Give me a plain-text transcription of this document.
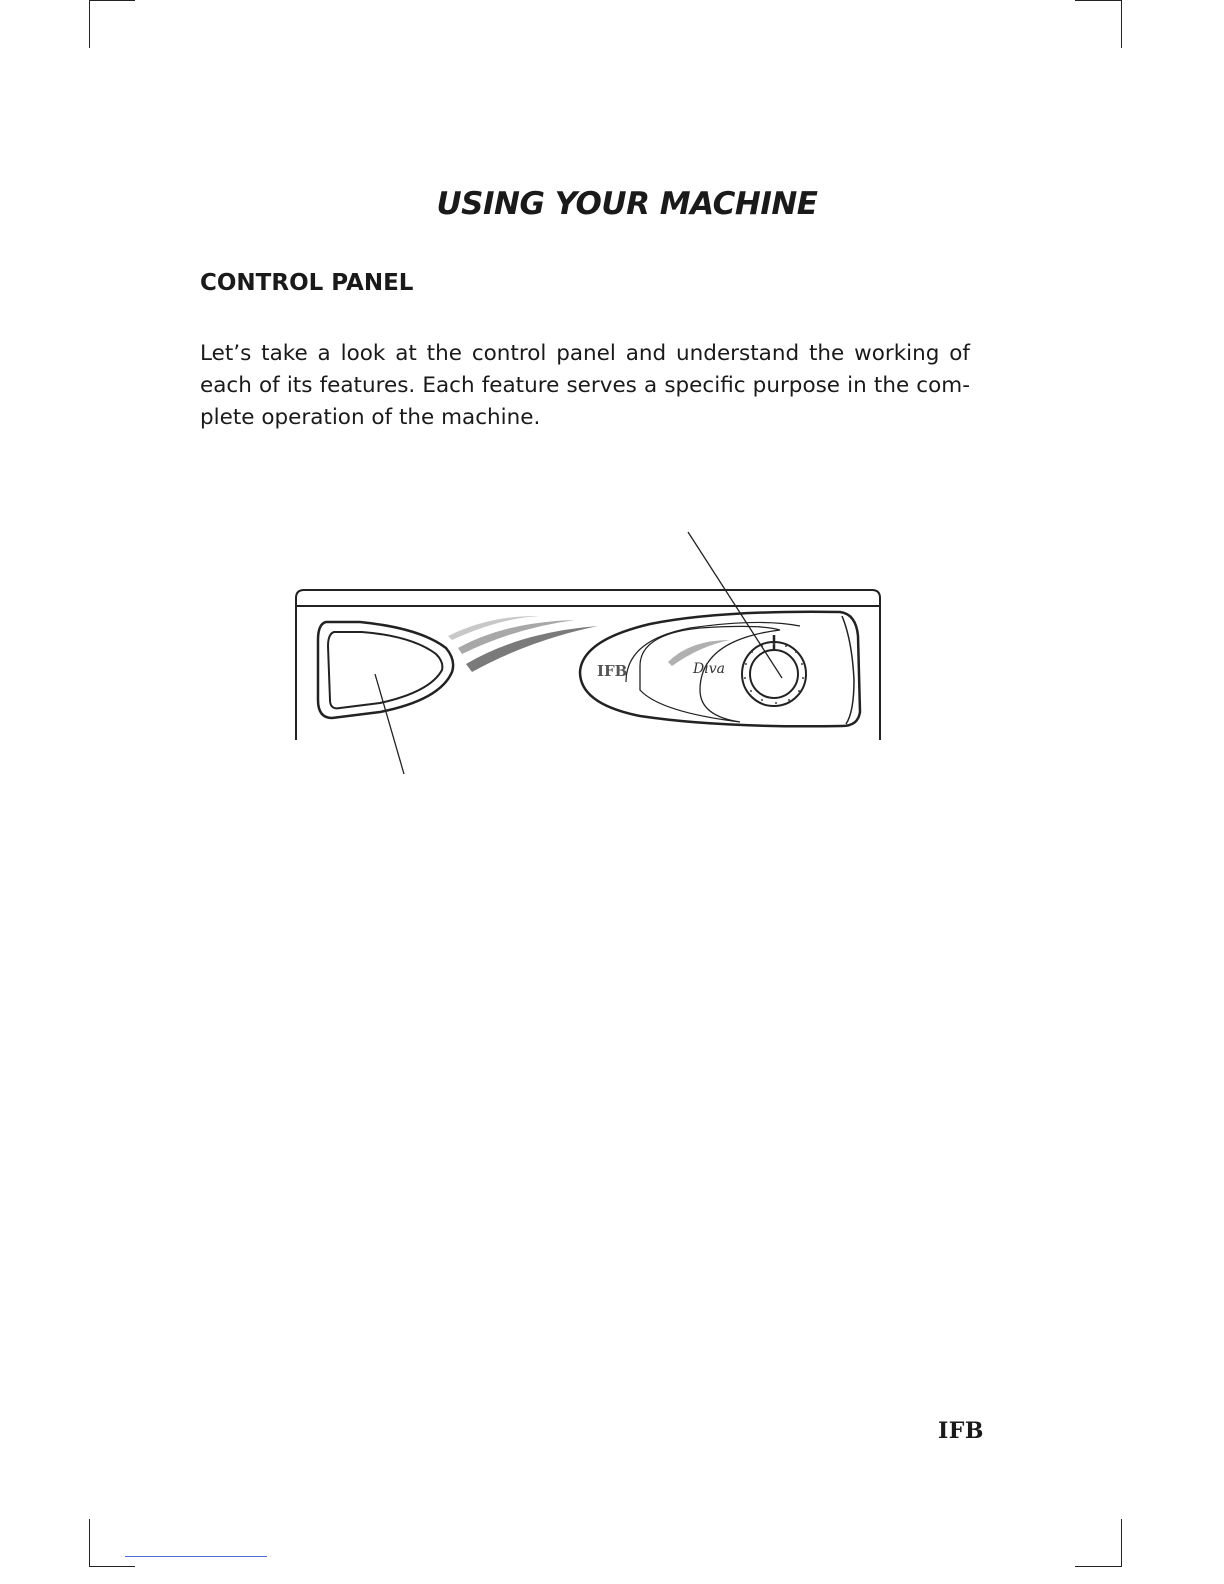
USING YOUR MACHINE
CONTROL PANEL

Let’s take a look at the control panel and understand the working of each of its features. Each feature serves a specific purpose in the complete operation of the machine.

IFB	Diva

IFB
